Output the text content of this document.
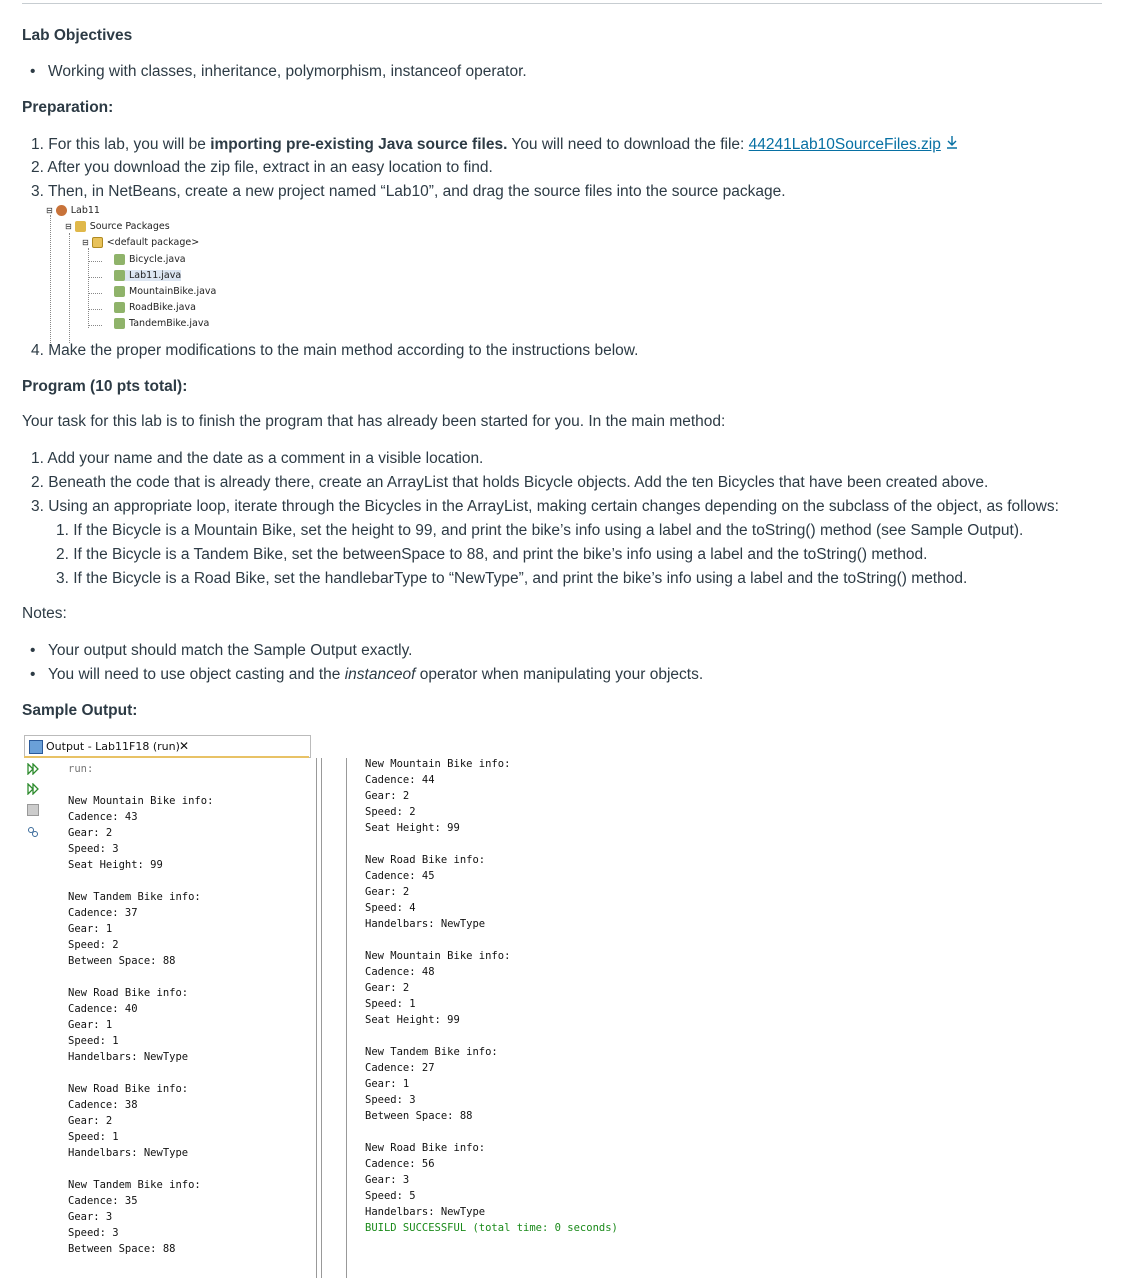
Lab Objectives
• Working with classes, inheritance, polymorphism, instanceof operator.
Preparation:
1. For this lab, you will be importing pre-existing Java source files. You will need to download the file: 44241Lab10SourceFiles.zip
2. After you download the zip file, extract in an easy location to find.
3. Then, in NetBeans, create a new project named “Lab10”, and drag the source files into the source package.
⊟ Lab11
⊟ Source Packages
⊟ <default package>
Bicycle.java
Lab11.java
MountainBike.java
RoadBike.java
TandemBike.java
4. Make the proper modifications to the main method according to the instructions below.
Program (10 pts total):
Your task for this lab is to finish the program that has already been started for you. In the main method:
1. Add your name and the date as a comment in a visible location.
2. Beneath the code that is already there, create an ArrayList that holds Bicycle objects. Add the ten Bicycles that have been created above.
3. Using an appropriate loop, iterate through the Bicycles in the ArrayList, making certain changes depending on the subclass of the object, as follows:
1. If the Bicycle is a Mountain Bike, set the height to 99, and print the bike’s info using a label and the toString() method (see Sample Output).
2. If the Bicycle is a Tandem Bike, set the betweenSpace to 88, and print the bike’s info using a label and the toString() method.
3. If the Bicycle is a Road Bike, set the handlebarType to “NewType”, and print the bike’s info using a label and the toString() method.
Notes:
• Your output should match the Sample Output exactly.
• You will need to use object casting and the instanceof operator when manipulating your objects.
Sample Output:
Output - Lab11F18 (run) ✕
run:
New Mountain Bike info:
Cadence: 43
Gear: 2
Speed: 3
Seat Height: 99
New Tandem Bike info:
Cadence: 37
Gear: 1
Speed: 2
Between Space: 88
New Road Bike info:
Cadence: 40
Gear: 1
Speed: 1
Handelbars: NewType
New Road Bike info:
Cadence: 38
Gear: 2
Speed: 1
Handelbars: NewType
New Tandem Bike info:
Cadence: 35
Gear: 3
Speed: 3
Between Space: 88
New Mountain Bike info:
Cadence: 44
Gear: 2
Speed: 2
Seat Height: 99
New Road Bike info:
Cadence: 45
Gear: 2
Speed: 4
Handelbars: NewType
New Mountain Bike info:
Cadence: 48
Gear: 2
Speed: 1
Seat Height: 99
New Tandem Bike info:
Cadence: 27
Gear: 1
Speed: 3
Between Space: 88
New Road Bike info:
Cadence: 56
Gear: 3
Speed: 5
Handelbars: NewType
BUILD SUCCESSFUL (total time: 0 seconds)
